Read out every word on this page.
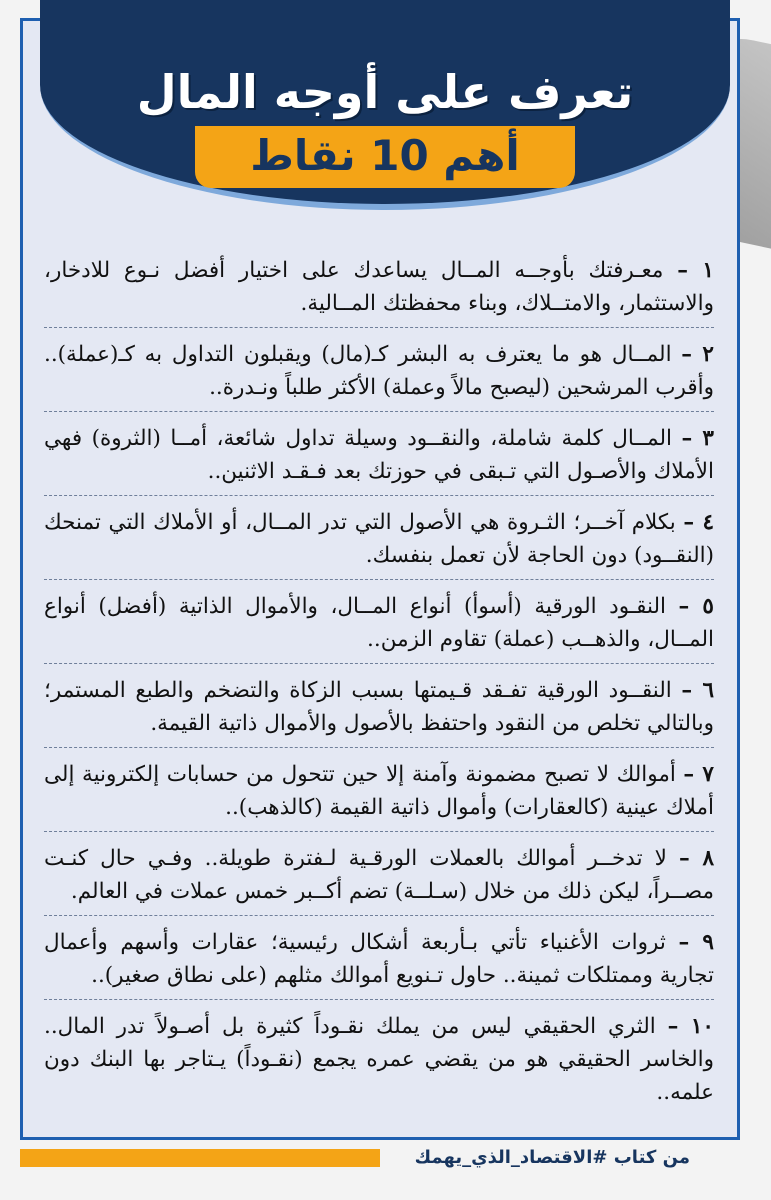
تعرف على أوجه المال
أهم 10 نقاط
١ – معـرفتك بأوجــه المــال يساعدك على اختيار أفضل نـوع للادخار، والاستثمار، والامتــلاك، وبناء محفظتك المــالية.
٢ – المــال هو ما يعترف به البشر كـ(مال) ويقبلون التداول به كـ(عملة).. وأقرب المرشحين (ليصبح مالاً وعملة) الأكثر طلباً ونـدرة..
٣ – المــال كلمة شاملة، والنقــود وسيلة تداول شائعة، أمــا (الثروة) فهي الأملاك والأصـول التي تـبقى في حوزتك بعد فـقـد الاثنين..
٤ – بكلام آخــر؛ الثـروة هي الأصول التي تدر المــال، أو الأملاك التي تمنحك (النقــود) دون الحاجة لأن تعمل بنفسك.
٥ – النقـود الورقية (أسوأ) أنواع المــال، والأموال الذاتية (أفضل) أنواع المــال، والذهــب (عملة) تقاوم الزمن..
٦ – النقــود الورقية تفـقد قـيمتها بسبب الزكاة والتضخم والطبع المستمر؛ وبالتالي تخلص من النقود واحتفظ بالأصول والأموال ذاتية القيمة.
٧ – أموالك لا تصبح مضمونة وآمنة إلا حين تتحول من حسابات إلكترونية إلى أملاك عينية (كالعقارات) وأموال ذاتية القيمة (كالذهب)..
٨ – لا تدخــر أموالك بالعملات الورقـية لـفترة طويلة.. وفـي حال كنـت مصــراً، ليكن ذلك من خلال (سـلــة) تضم أكــبر خمس عملات في العالم.
٩ – ثروات الأغنياء تأتي بـأربعة أشكال رئيسية؛ عقارات وأسهم وأعمال تجارية وممتلكات ثمينة.. حاول تـنويع أموالك مثلهم (على نطاق صغير)..
١٠ – الثري الحقيقي ليس من يملك نقـوداً كثيرة بل أصـولاً تدر المال.. والخاسر الحقيقي هو من يقضي عمره يجمع (نقـوداً) يـتاجر بها البنك دون علمه..
من كتاب #الاقتصاد_الذي_يهمك
